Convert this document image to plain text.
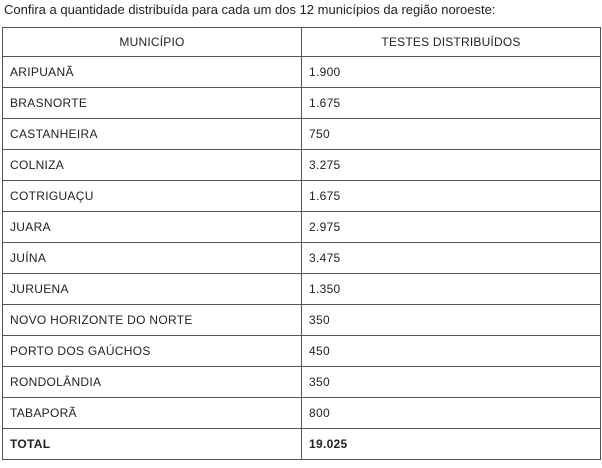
Confira a quantidade distribuída para cada um dos 12 municípios da região noroeste:
MUNICÍPIO	TESTES DISTRIBUÍDOS
ARIPUANÃ	1.900
BRASNORTE	1.675
CASTANHEIRA	750
COLNIZA	3.275
COTRIGUAÇU	1.675
JUARA	2.975
JUÍNA	3.475
JURUENA	1.350
NOVO HORIZONTE DO NORTE	350
PORTO DOS GAÚCHOS	450
RONDOLÂNDIA	350
TABAPORÃ	800
TOTAL	19.025
